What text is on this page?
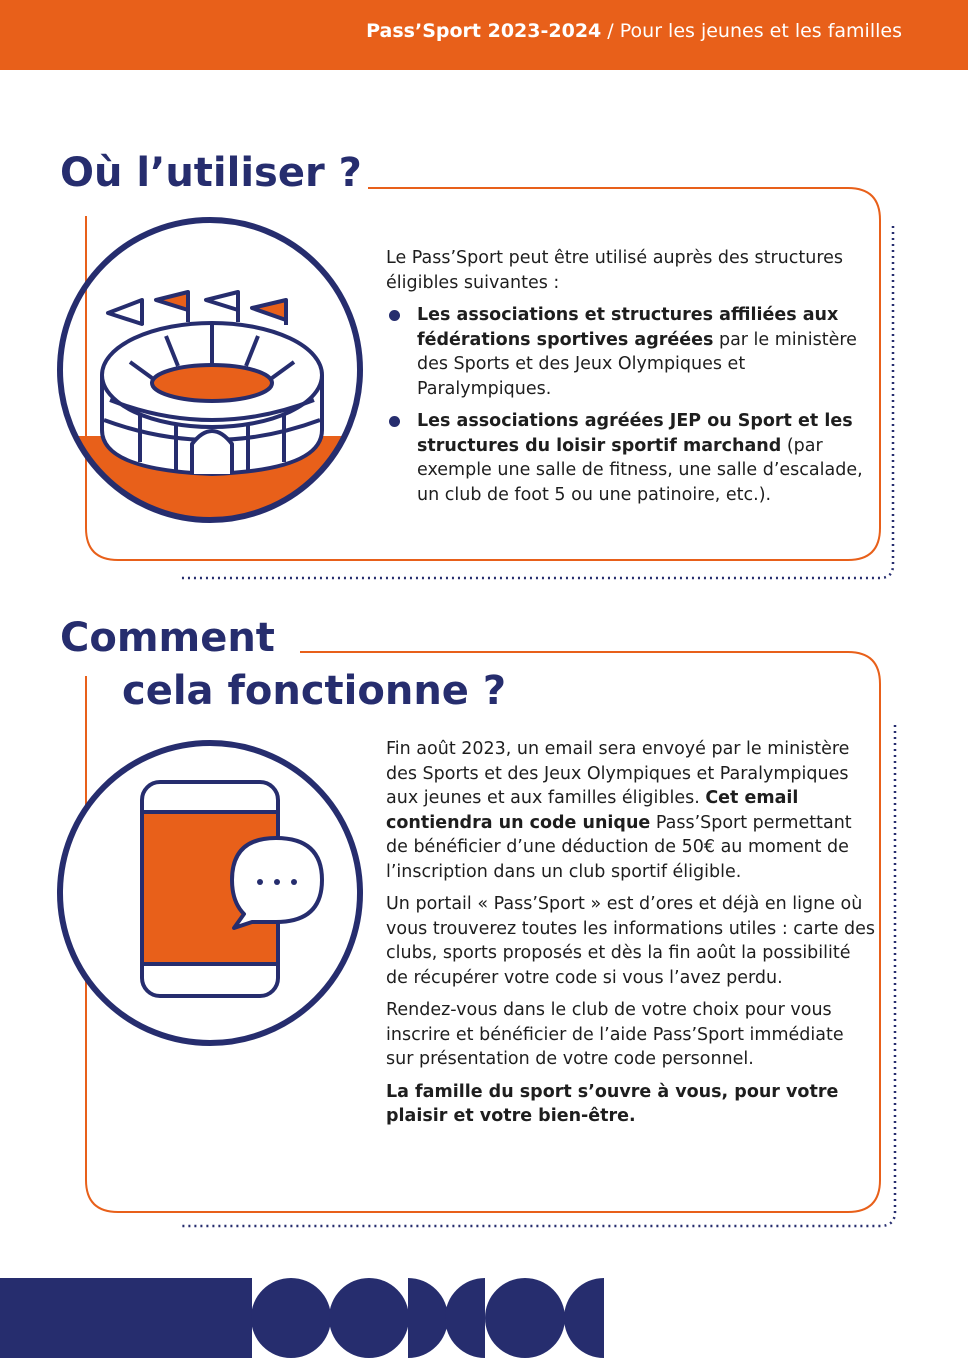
Pass’Sport 2023-2024 / Pour les jeunes et les familles
Où l’utiliser ?

Le Pass’Sport peut être utilisé auprès des structures éligibles suivantes :

Les associations et structures affiliées aux fédérations sportives agréées par le ministère des Sports et des Jeux Olympiques et Paralympiques.
Les associations agréées JEP ou Sport et les structures du loisir sportif marchand (par exemple une salle de fitness, une salle d’escalade, un club de foot 5 ou une patinoire, etc.).
Comment
cela fonctionne ?

Fin août 2023, un email sera envoyé par le ministère des Sports et des Jeux Olympiques et Paralympiques aux jeunes et aux familles éligibles. Cet email contiendra un code unique Pass’Sport permettant de bénéficier d’une déduction de 50€ au moment de l’inscription dans un club sportif éligible.

Un portail « Pass’Sport » est d’ores et déjà en ligne où vous trouverez toutes les informations utiles : carte des clubs, sports proposés et dès la fin août la possibilité de récupérer votre code si vous l’avez perdu.

Rendez-vous dans le club de votre choix pour vous inscrire et bénéficier de l’aide Pass’Sport immédiate sur présentation de votre code personnel.

La famille du sport s’ouvre à vous, pour votre plaisir et votre bien-être.
